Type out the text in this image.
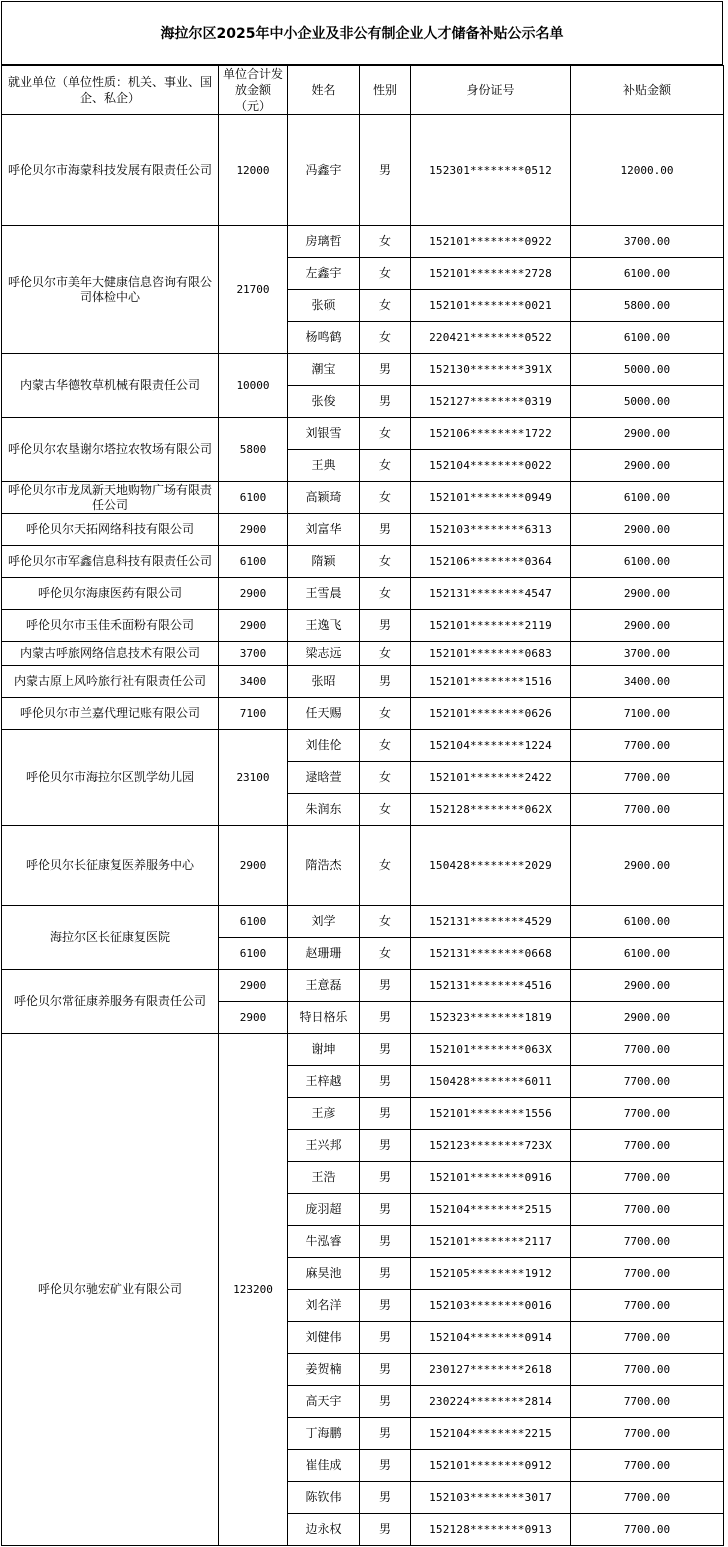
海拉尔区2025年中小企业及非公有制企业人才储备补贴公示名单
就业单位（单位性质：机关、事业、国企、私企）	单位合计发放金额（元）	姓名	性别	身份证号	补贴金额
呼伦贝尔市海蒙科技发展有限责任公司	12000	冯鑫宇	男	152301********0512	12000.00
呼伦贝尔市美年大健康信息咨询有限公司体检中心	21700	房璃哲	女	152101********0922	3700.00
		左鑫宇	女	152101********2728	6100.00
		张硕	女	152101********0021	5800.00
		杨鸣鹤	女	220421********0522	6100.00
内蒙古华德牧草机械有限责任公司	10000	潮宝	男	152130********391X	5000.00
		张俊	男	152127********0319	5000.00
呼伦贝尔农垦谢尔塔拉农牧场有限公司	5800	刘银雪	女	152106********1722	2900.00
		王典	女	152104********0022	2900.00
呼伦贝尔市龙凤新天地购物广场有限责任公司	6100	高颖琦	女	152101********0949	6100.00
呼伦贝尔天拓网络科技有限公司	2900	刘富华	男	152103********6313	2900.00
呼伦贝尔市军鑫信息科技有限责任公司	6100	隋颖	女	152106********0364	6100.00
呼伦贝尔海康医药有限公司	2900	王雪晨	女	152131********4547	2900.00
呼伦贝尔市玉佳禾面粉有限公司	2900	王逸飞	男	152101********2119	2900.00
内蒙古呼旅网络信息技术有限公司	3700	梁志远	女	152101********0683	3700.00
内蒙古原上风吟旅行社有限责任公司	3400	张昭	男	152101********1516	3400.00
呼伦贝尔市兰嘉代理记账有限公司	7100	任天赐	女	152101********0626	7100.00
呼伦贝尔市海拉尔区凯学幼儿园	23100	刘佳伦	女	152104********1224	7700.00
		逯晗萱	女	152101********2422	7700.00
		朱润东	女	152128********062X	7700.00
呼伦贝尔长征康复医养服务中心	2900	隋浩杰	女	150428********2029	2900.00
海拉尔区长征康复医院	6100	刘学	女	152131********4529	6100.00
	6100	赵珊珊	女	152131********0668	6100.00
呼伦贝尔常征康养服务有限责任公司	2900	王意磊	男	152131********4516	2900.00
	2900	特日格乐	男	152323********1819	2900.00
呼伦贝尔驰宏矿业有限公司	123200	谢坤	男	152101********063X	7700.00
		王梓越	男	150428********6011	7700.00
		王彦	男	152101********1556	7700.00
		王兴邦	男	152123********723X	7700.00
		王浩	男	152101********0916	7700.00
		庞羽超	男	152104********2515	7700.00
		牛泓睿	男	152101********2117	7700.00
		麻昊池	男	152105********1912	7700.00
		刘名洋	男	152103********0016	7700.00
		刘健伟	男	152104********0914	7700.00
		姜贺楠	男	230127********2618	7700.00
		高天宇	男	230224********2814	7700.00
		丁海鹏	男	152104********2215	7700.00
		崔佳成	男	152101********0912	7700.00
		陈钦伟	男	152103********3017	7700.00
		边永权	男	152128********0913	7700.00
